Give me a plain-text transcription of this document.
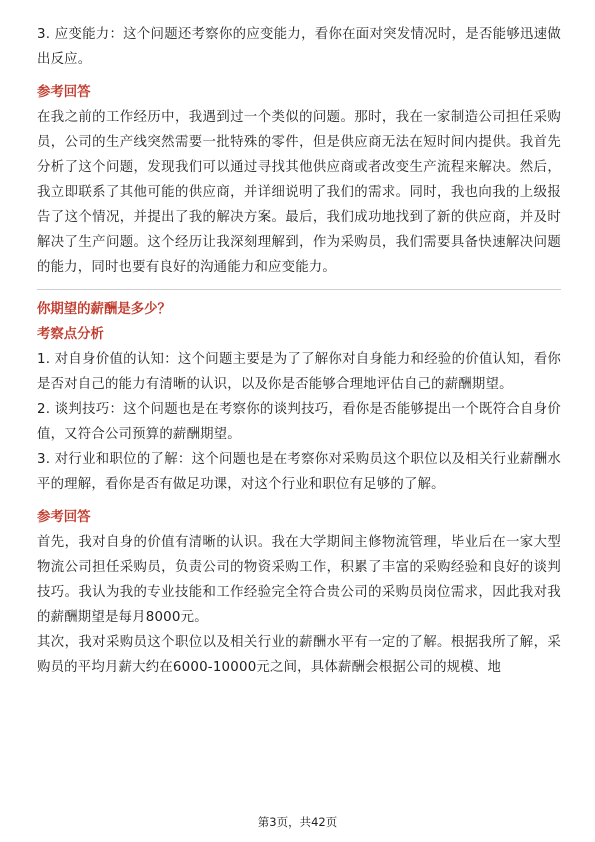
3. 应变能力：这个问题还考察你的应变能力，看你在面对突发情况时，是否能够迅速做出反应。

参考回答

在我之前的工作经历中，我遇到过一个类似的问题。那时，我在一家制造公司担任采购员，公司的生产线突然需要一批特殊的零件，但是供应商无法在短时间内提供。我首先分析了这个问题，发现我们可以通过寻找其他供应商或者改变生产流程来解决。然后，我立即联系了其他可能的供应商，并详细说明了我们的需求。同时，我也向我的上级报告了这个情况，并提出了我的解决方案。最后，我们成功地找到了新的供应商，并及时解决了生产问题。这个经历让我深刻理解到，作为采购员，我们需要具备快速解决问题的能力，同时也要有良好的沟通能力和应变能力。

你期望的薪酬是多少？
考察点分析

1. 对自身价值的认知：这个问题主要是为了了解你对自身能力和经验的价值认知，看你是否对自己的能力有清晰的认识，以及你是否能够合理地评估自己的薪酬期望。

2. 谈判技巧：这个问题也是在考察你的谈判技巧，看你是否能够提出一个既符合自身价值，又符合公司预算的薪酬期望。

3. 对行业和职位的了解：这个问题也是在考察你对采购员这个职位以及相关行业薪酬水平的理解，看你是否有做足功课，对这个行业和职位有足够的了解。

参考回答

首先，我对自身的价值有清晰的认识。我在大学期间主修物流管理，毕业后在一家大型物流公司担任采购员，负责公司的物资采购工作，积累了丰富的采购经验和良好的谈判技巧。我认为我的专业技能和工作经验完全符合贵公司的采购员岗位需求，因此我对我的薪酬期望是每月8000元。

其次，我对采购员这个职位以及相关行业的薪酬水平有一定的了解。根据我所了解，采购员的平均月薪大约在6000-10000元之间，具体薪酬会根据公司的规模、地

第3页，共42页
